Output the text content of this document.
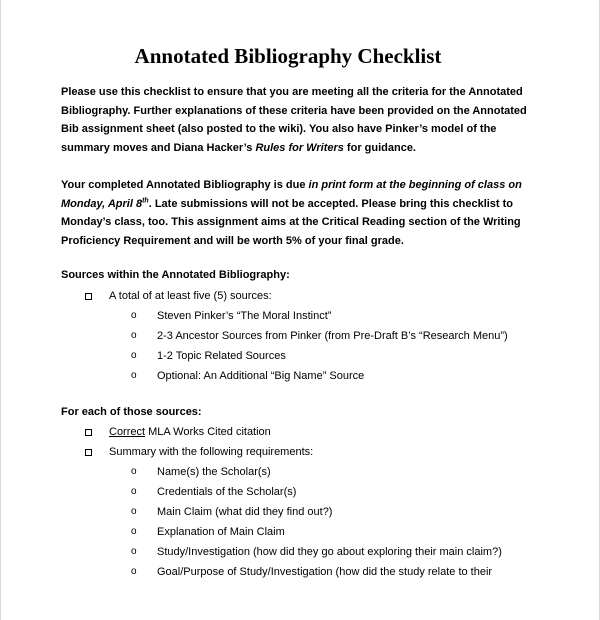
Annotated Bibliography Checklist
Please use this checklist to ensure that you are meeting all the criteria for the Annotated
Bibliography. Further explanations of these criteria have been provided on the Annotated
Bib assignment sheet (also posted to the wiki). You also have Pinker’s model of the
summary moves and Diana Hacker’s Rules for Writers for guidance.
Your completed Annotated Bibliography is due in print form at the beginning of class on
Monday, April 8th. Late submissions will not be accepted. Please bring this checklist to
Monday’s class, too. This assignment aims at the Critical Reading section of the Writing
Proficiency Requirement and will be worth 5% of your final grade.
Sources within the Annotated Bibliography:
A total of at least five (5) sources:
o Steven Pinker’s “The Moral Instinct”
o 2-3 Ancestor Sources from Pinker (from Pre-Draft B’s “Research Menu”)
o 1-2 Topic Related Sources
o Optional: An Additional “Big Name” Source
For each of those sources:
Correct MLA Works Cited citation
Summary with the following requirements:
o Name(s) the Scholar(s)
o Credentials of the Scholar(s)
o Main Claim (what did they find out?)
o Explanation of Main Claim
o Study/Investigation (how did they go about exploring their main claim?)
o Goal/Purpose of Study/Investigation (how did the study relate to their
